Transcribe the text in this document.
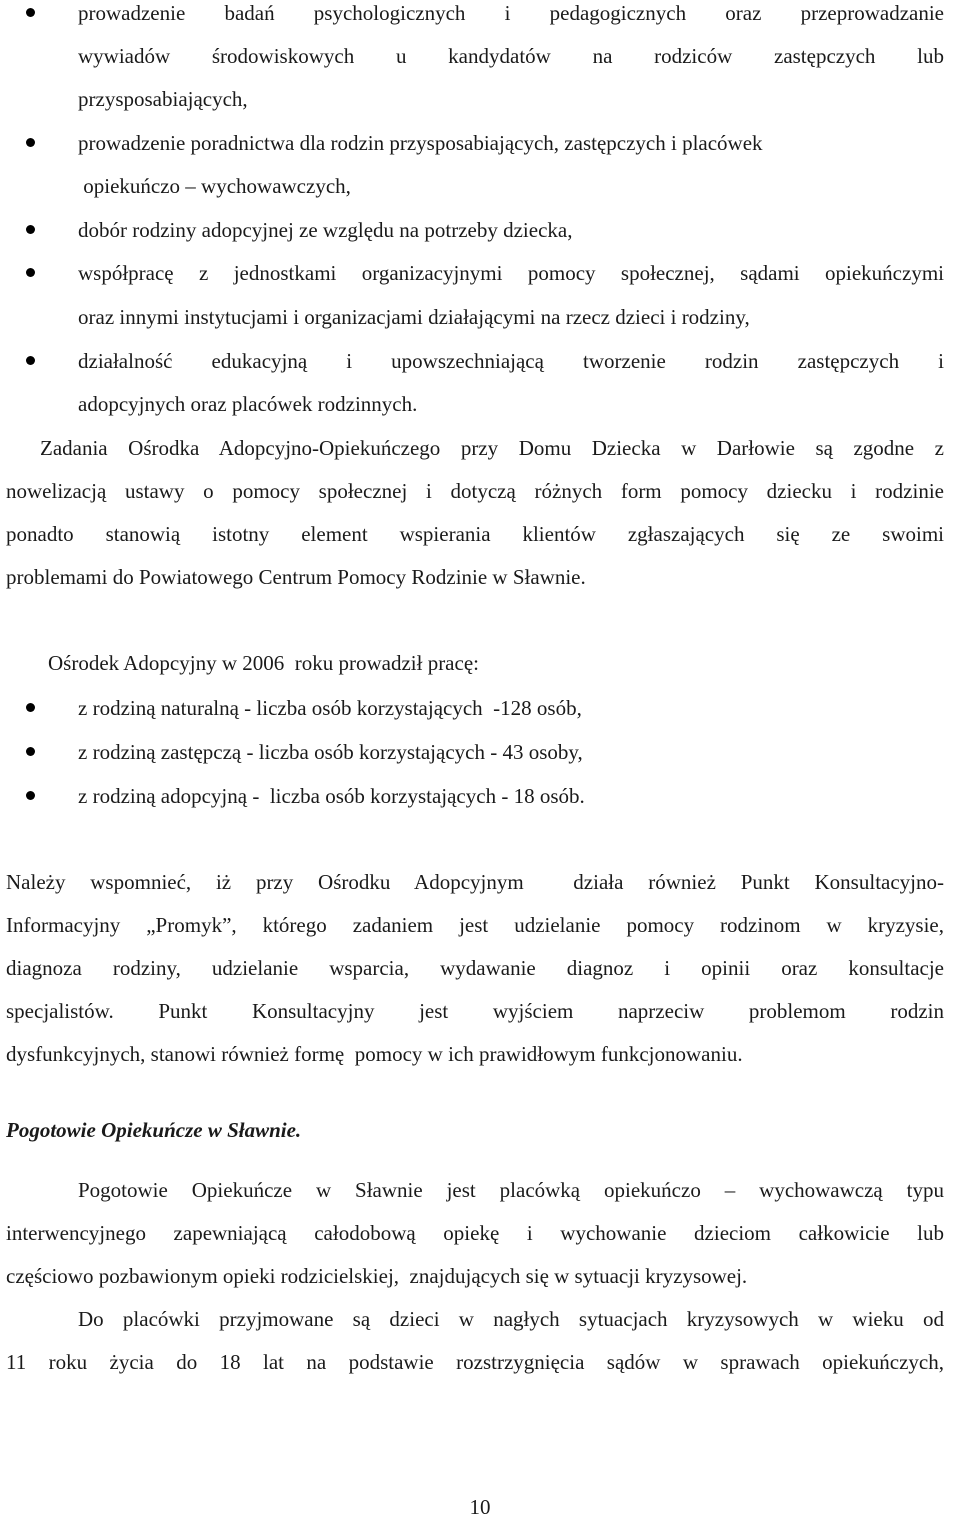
prowadzenie badań psychologicznych i pedagogicznych oraz przeprowadzanie
wywiadów środowiskowych u kandydatów na rodziców zastępczych lub
przysposabiających,
prowadzenie poradnictwa dla rodzin przysposabiających, zastępczych i placówek
opiekuńczo – wychowawczych,
dobór rodziny adopcyjnej ze względu na potrzeby dziecka,
współpracę z jednostkami organizacyjnymi pomocy społecznej, sądami opiekuńczymi
oraz innymi instytucjami i organizacjami działającymi na rzecz dzieci i rodziny,
działalność edukacyjną i upowszechniającą tworzenie rodzin zastępczych i
adopcyjnych oraz placówek rodzinnych.
Zadania Ośrodka Adopcyjno-Opiekuńczego przy Domu Dziecka w Darłowie są zgodne z
nowelizacją ustawy o pomocy społecznej i dotyczą różnych form pomocy dziecku i rodzinie
ponadto stanowią istotny element wspierania klientów zgłaszających się ze swoimi
problemami do Powiatowego Centrum Pomocy Rodzinie w Sławnie.
Ośrodek Adopcyjny w 2006  roku prowadził pracę:
z rodziną naturalną - liczba osób korzystających  -128 osób,
z rodziną zastępczą - liczba osób korzystających - 43 osoby,
z rodziną adopcyjną -  liczba osób korzystających - 18 osób.
Należy wspomnieć, iż przy Ośrodku Adopcyjnym  działa również Punkt Konsultacyjno-
Informacyjny „Promyk”, którego zadaniem jest udzielanie pomocy rodzinom w kryzysie,
diagnoza rodziny, udzielanie wsparcia, wydawanie diagnoz i opinii oraz konsultacje
specjalistów. Punkt Konsultacyjny jest wyjściem naprzeciw problemom rodzin
dysfunkcyjnych, stanowi również formę  pomocy w ich prawidłowym funkcjonowaniu.
Pogotowie Opiekuńcze w Sławnie.
Pogotowie Opiekuńcze w Sławnie jest placówką opiekuńczo – wychowawczą typu
interwencyjnego zapewniającą całodobową opiekę i wychowanie dzieciom całkowicie lub
częściowo pozbawionym opieki rodzicielskiej,  znajdujących się w sytuacji kryzysowej.
Do placówki przyjmowane są dzieci w nagłych sytuacjach kryzysowych w wieku od
11 roku życia do 18 lat na podstawie rozstrzygnięcia sądów w sprawach opiekuńczych,
10
